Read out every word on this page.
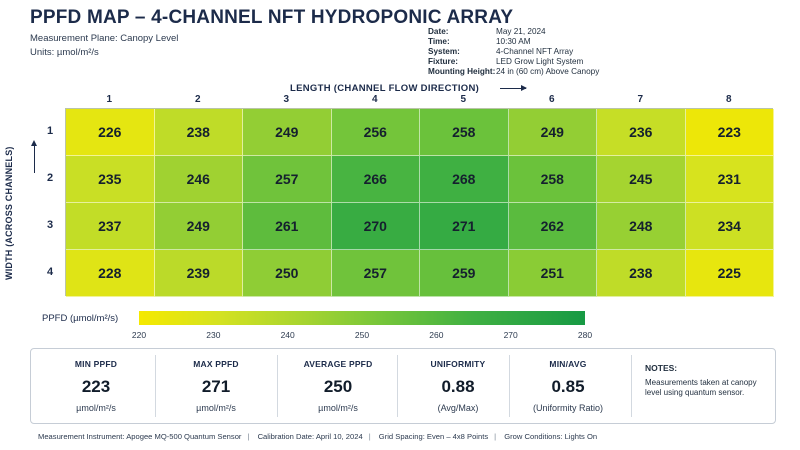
PPFD MAP – 4-CHANNEL NFT HYDROPONIC ARRAY
Measurement Plane: Canopy Level
Units: µmol/m²/s
Date:	May 21, 2024
Time:	10:30 AM
System:	4-Channel NFT Array
Fixture:	LED Grow Light System
Mounting Height: 24 in (60 cm) Above Canopy
LENGTH (CHANNEL FLOW DIRECTION)
WIDTH (ACROSS CHANNELS)
1	2	3	4	5	6	7	8
1
2
3
4
226	238	249	256	258	249	236	223
235	246	257	266	268	258	245	231
237	249	261	270	271	262	248	234
228	239	250	257	259	251	238	225
PPFD (µmol/m²/s)
220	230	240	250	260	270	280
MIN PPFD
223
µmol/m²/s
MAX PPFD
271
µmol/m²/s
AVERAGE PPFD
250
µmol/m²/s
UNIFORMITY
0.88
(Avg/Max)
MIN/AVG
0.85
(Uniformity Ratio)
NOTES:
Measurements taken at canopy level using quantum sensor.
Measurement Instrument: Apogee MQ-500 Quantum Sensor | Calibration Date: April 10, 2024 | Grid Spacing: Even – 4x8 Points | Grow Conditions: Lights On
